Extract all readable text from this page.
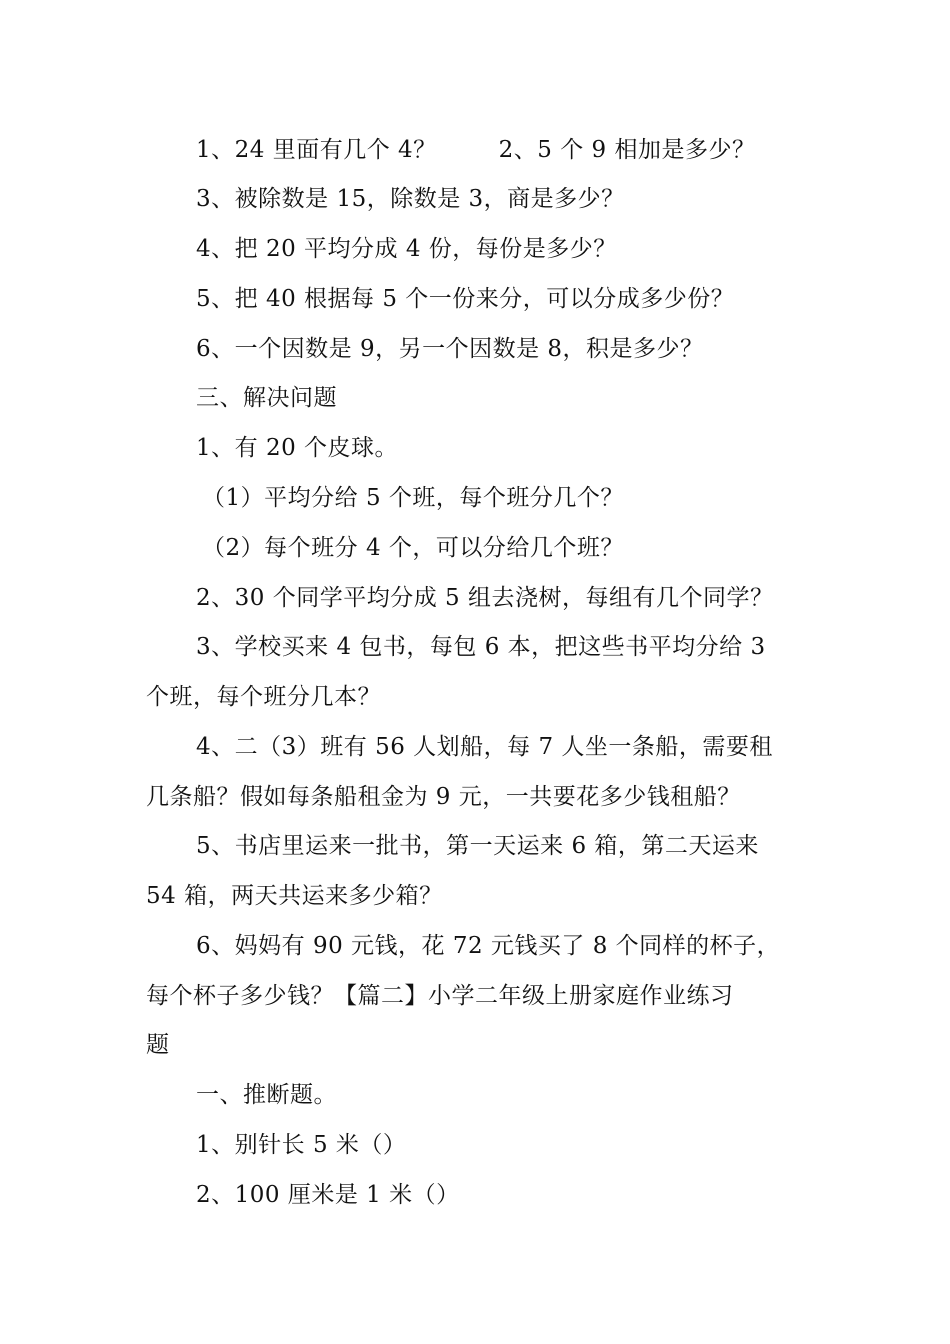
1、24 里面有几个 4？	2、5 个 9 相加是多少？
3、被除数是 15，除数是 3，商是多少？
4、把 20 平均分成 4 份，每份是多少？
5、把 40 根据每 5 个一份来分，可以分成多少份？
6、一个因数是 9，另一个因数是 8，积是多少？
三、解决问题
1、有 20 个皮球。
（1）平均分给 5 个班，每个班分几个？
（2）每个班分 4 个，可以分给几个班？
2、30 个同学平均分成 5 组去浇树，每组有几个同学？
3、学校买来 4 包书，每包 6 本，把这些书平均分给 3
个班，每个班分几本？
4、二（3）班有 56 人划船，每 7 人坐一条船，需要租
几条船？假如每条船租金为 9 元，一共要花多少钱租船？
5、书店里运来一批书，第一天运来 6 箱，第二天运来
54 箱，两天共运来多少箱？
6、妈妈有 90 元钱，花 72 元钱买了 8 个同样的杯子，
每个杯子多少钱？【篇二】小学二年级上册家庭作业练习
题
一、推断题。
1、别针长 5 米（）
2、100 厘米是 1 米（）
